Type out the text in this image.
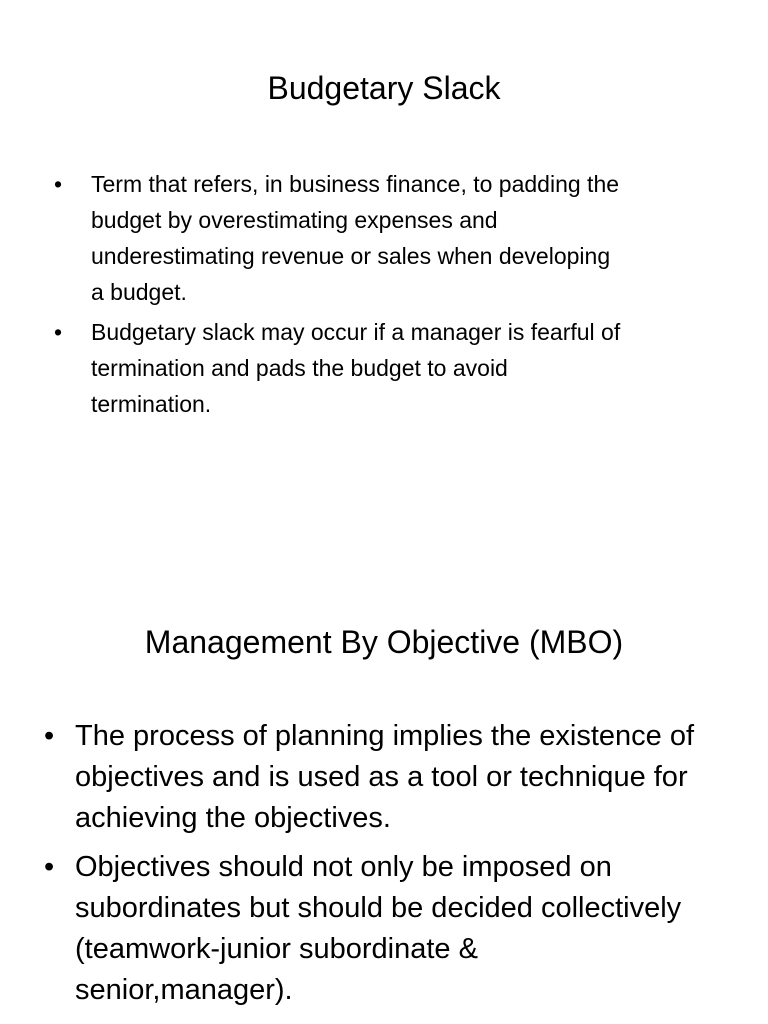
Budgetary Slack
• Term that refers, in business finance, to padding the
budget by overestimating expenses and
underestimating revenue or sales when developing
a budget.
• Budgetary slack may occur if a manager is fearful of
termination and pads the budget to avoid
termination.
Management By Objective (MBO)
• The process of planning implies the existence of
objectives and is used as a tool or technique for
achieving the objectives.
• Objectives should not only be imposed on
subordinates but should be decided collectively
(teamwork-junior subordinate &
senior,manager).
